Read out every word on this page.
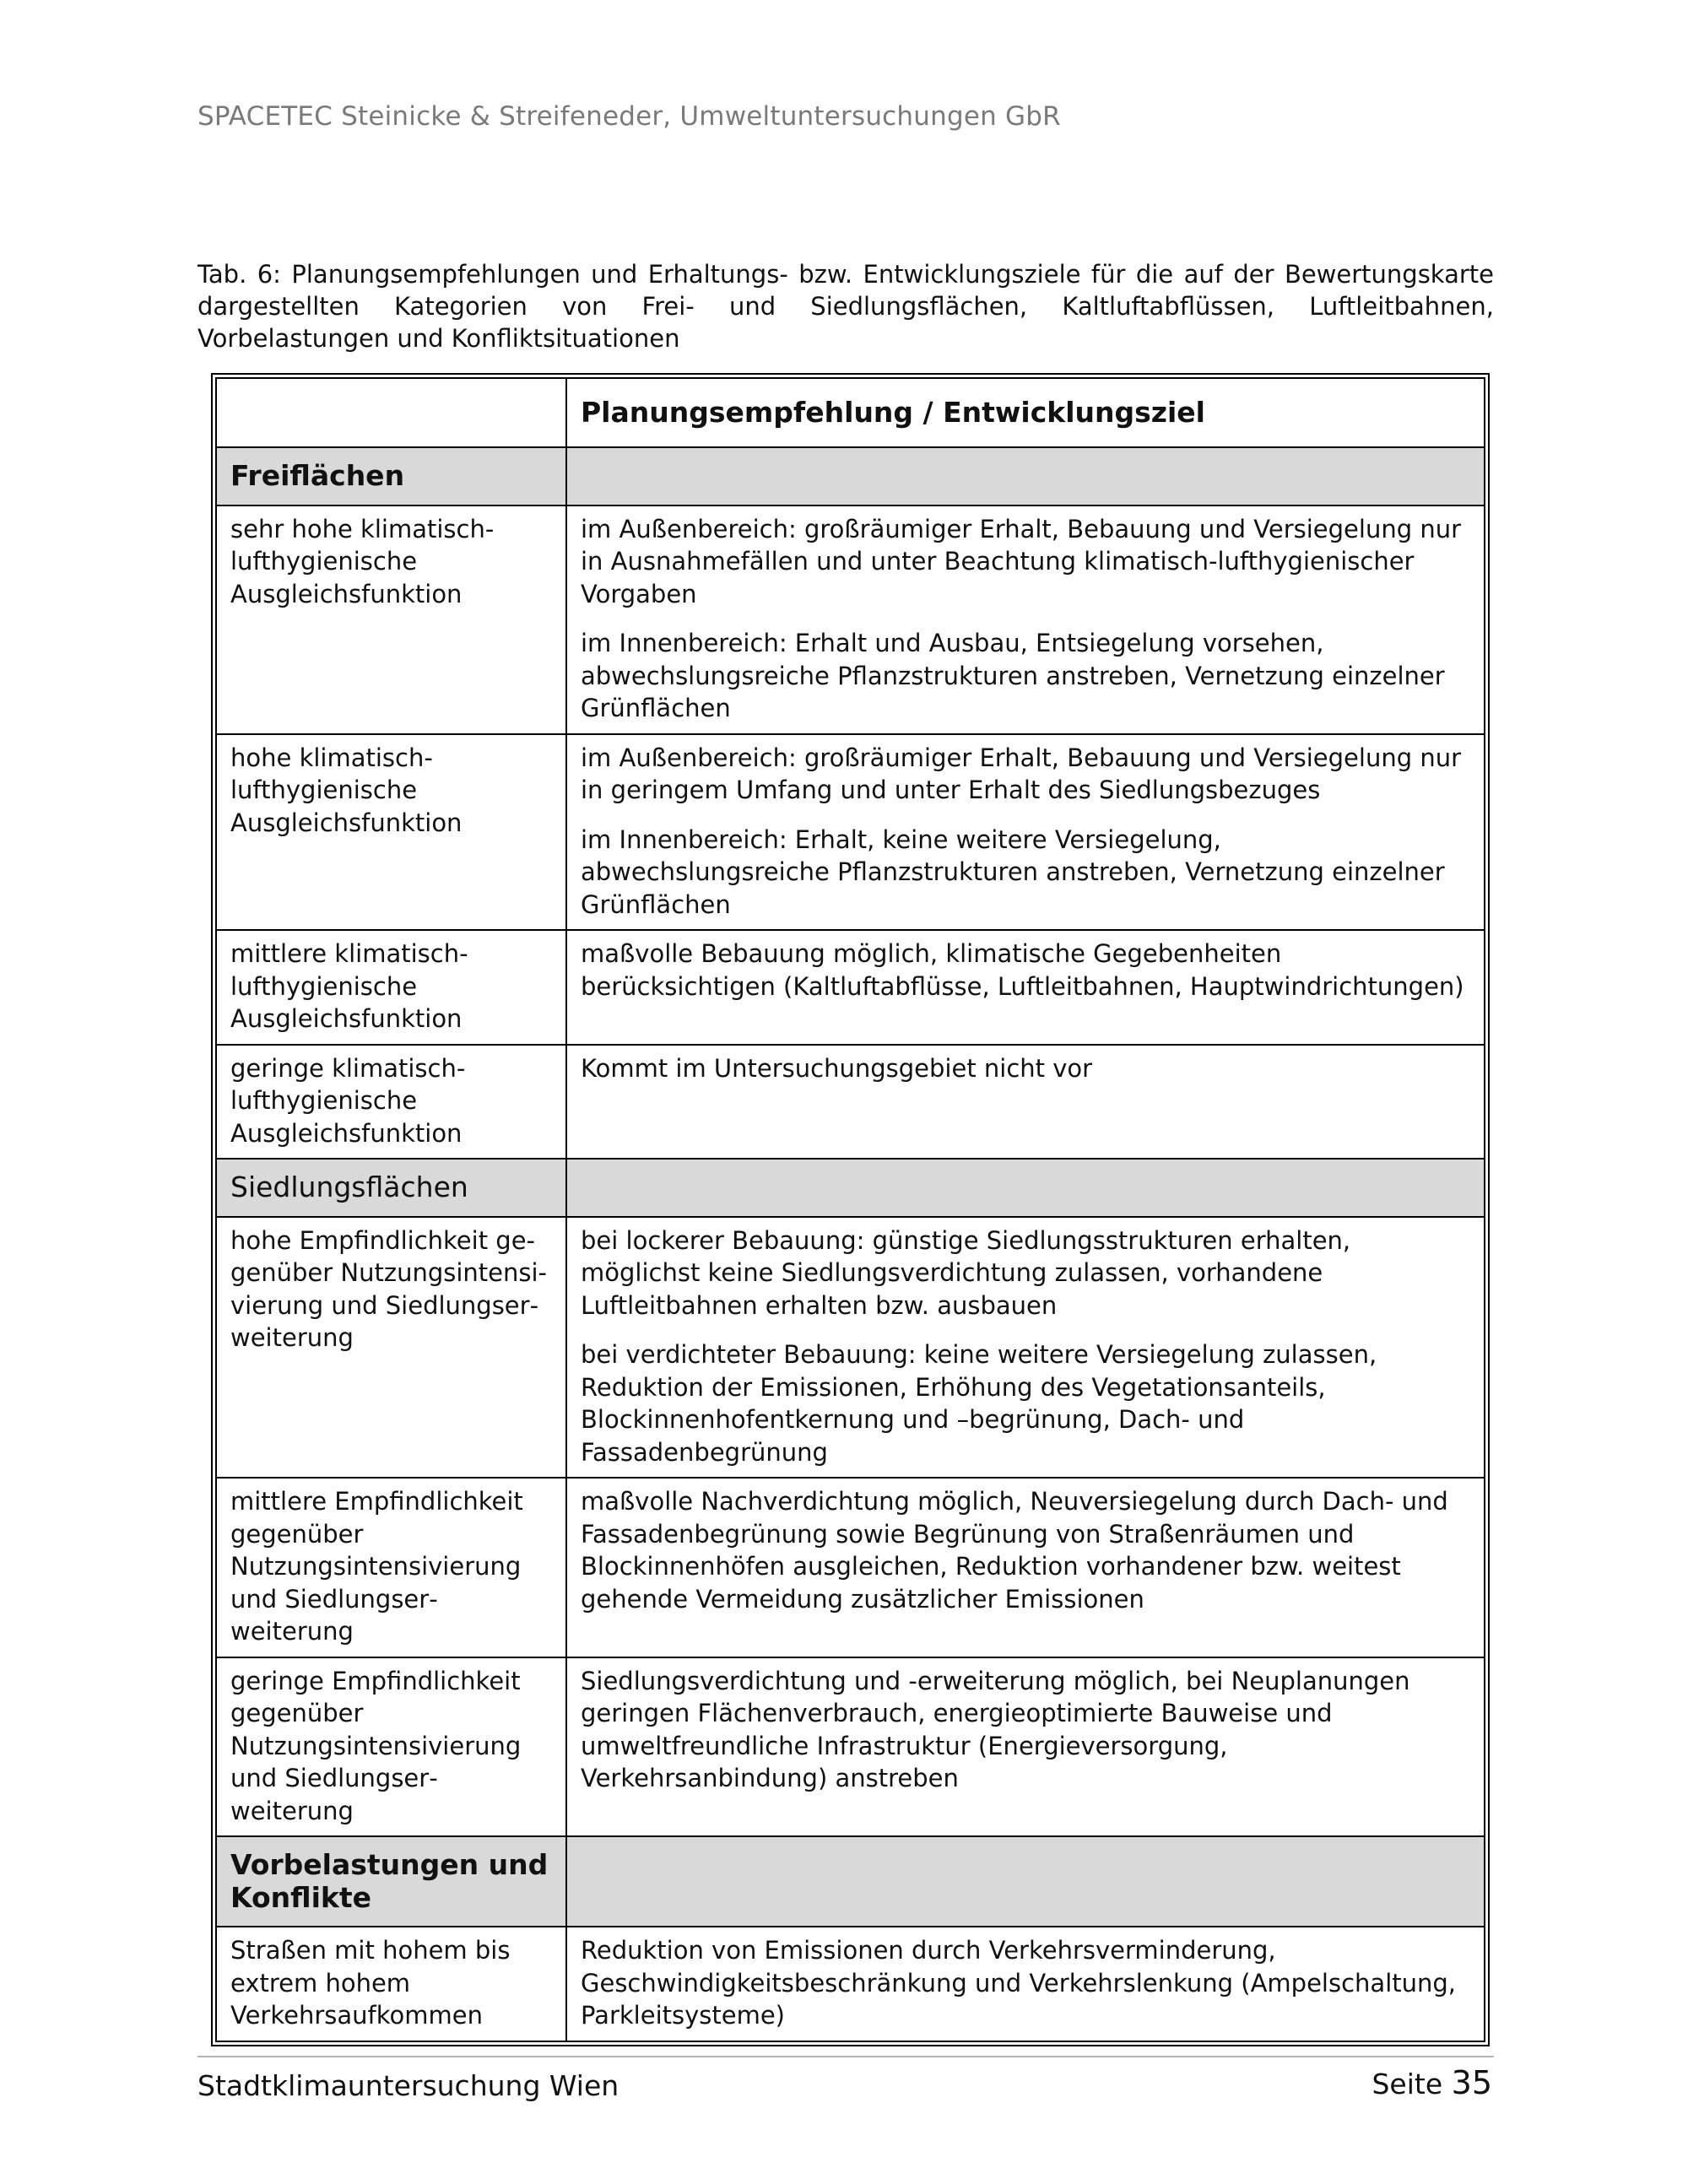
SPACETEC Steinicke & Streifeneder, Umweltuntersuchungen GbR
Tab. 6: Planungsempfehlungen und Erhaltungs- bzw. Entwicklungsziele für die auf der Bewertungskarte dargestellten Kategorien von Frei- und Siedlungsflächen, Kaltluftabflüssen, Luftleitbahnen, Vorbelastungen und Konfliktsituationen
	Planungsempfehlung / Entwicklungsziel
Freiflächen	
sehr hohe klimatisch-lufthygienische Ausgleichsfunktion	im Außenbereich: großräumiger Erhalt, Bebauung und Versiegelung nur in Ausnahmefällen und unter Beachtung klimatisch-lufthygienischer Vorgaben

im Innenbereich: Erhalt und Ausbau, Entsiegelung vorsehen, abwechslungsreiche Pflanzstrukturen anstreben, Vernetzung einzelner Grünflächen

hohe klimatisch-lufthygienische Ausgleichsfunktion	im Außenbereich: großräumiger Erhalt, Bebauung und Versiegelung nur in geringem Umfang und unter Erhalt des Siedlungsbezuges

im Innenbereich: Erhalt, keine weitere Versiegelung, abwechslungsreiche Pflanzstrukturen anstreben, Vernetzung einzelner Grünflächen

mittlere klimatisch-lufthygienische Ausgleichsfunktion	maßvolle Bebauung möglich, klimatische Gegebenheiten berücksichtigen (Kaltluftabflüsse, Luftleitbahnen, Hauptwindrichtungen)

geringe klimatisch-lufthygienische Ausgleichsfunktion	Kommt im Untersuchungsgebiet nicht vor

Siedlungsflächen	
hohe Empfindlichkeit gegenüber Nutzungsintensivierung und Siedlungserweiterung	bei lockerer Bebauung: günstige Siedlungsstrukturen erhalten, möglichst keine Siedlungsverdichtung zulassen, vorhandene Luftleitbahnen erhalten bzw. ausbauen

bei verdichteter Bebauung: keine weitere Versiegelung zulassen, Reduktion der Emissionen, Erhöhung des Vegetationsanteils, Blockinnenhofentkernung und –begrünung, Dach- und Fassadenbegrünung

mittlere Empfindlichkeit gegenüber Nutzungsintensivierung und Siedlungserweiterung	maßvolle Nachverdichtung möglich, Neuversiegelung durch Dach- und Fassadenbegrünung sowie Begrünung von Straßenräumen und Blockinnenhöfen ausgleichen, Reduktion vorhandener bzw. weitest gehende Vermeidung zusätzlicher Emissionen

geringe Empfindlichkeit gegenüber Nutzungsintensivierung und Siedlungserweiterung	Siedlungsverdichtung und -erweiterung möglich, bei Neuplanungen geringen Flächenverbrauch, energieoptimierte Bauweise und umweltfreundliche Infrastruktur (Energieversorgung, Verkehrsanbindung) anstreben

Vorbelastungen und Konflikte	
Straßen mit hohem bis extrem hohem Verkehrsaufkommen	Reduktion von Emissionen durch Verkehrsverminderung, Geschwindigkeitsbeschränkung und Verkehrslenkung (Ampelschaltung, Parkleitsysteme)

Stadtklimauntersuchung Wien	Seite 35
